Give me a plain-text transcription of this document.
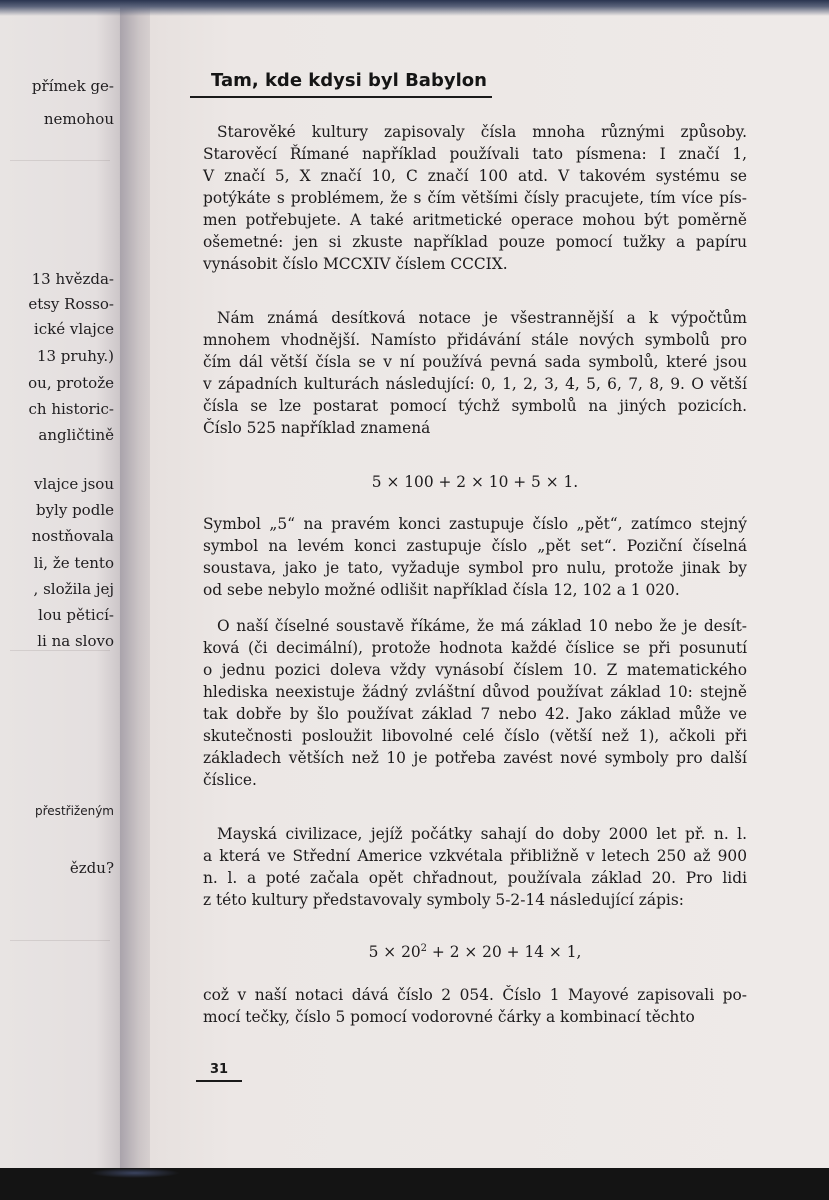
přímek ge-
nemohou
13 hvězda-
etsy Rosso-
ické vlajce
13 pruhy.)
ou, protože
ch historic-
angličtině
vlajce jsou
byly podle
nostňovala
li, že tento
, složila jej
lou pěticí-
li na slovo
přestřiženým
ězdu?
Tam, kde kdysi byl Babylon
Starověké kultury zapisovaly čísla mnoha různými způsoby.
Starověcí Římané například používali tato písmena: I značí 1,
V značí 5, X značí 10, C značí 100 atd. V takovém systému se
potýkáte s problémem, že s čím většími čísly pracujete, tím více pís-
men potřebujete. A také aritmetické operace mohou být poměrně
ošemetné: jen si zkuste například pouze pomocí tužky a papíru
vynásobit číslo MCCXIV číslem CCCIX.
Nám známá desítková notace je všestrannější a k výpočtům
mnohem vhodnější. Namísto přidávání stále nových symbolů pro
čím dál větší čísla se v ní používá pevná sada symbolů, které jsou
v západních kulturách následující: 0, 1, 2, 3, 4, 5, 6, 7, 8, 9. O větší
čísla se lze postarat pomocí týchž symbolů na jiných pozicích.
Číslo 525 například znamená
5 × 100 + 2 × 10 + 5 × 1.
Symbol „5“ na pravém konci zastupuje číslo „pět“, zatímco stejný
symbol na levém konci zastupuje číslo „pět set“. Poziční číselná
soustava, jako je tato, vyžaduje symbol pro nulu, protože jinak by
od sebe nebylo možné odlišit například čísla 12, 102 a 1 020.
O naší číselné soustavě říkáme, že má základ 10 nebo že je desít-
ková (či decimální), protože hodnota každé číslice se při posunutí
o jednu pozici doleva vždy vynásobí číslem 10. Z matematického
hlediska neexistuje žádný zvláštní důvod používat základ 10: stejně
tak dobře by šlo používat základ 7 nebo 42. Jako základ může ve
skutečnosti posloužit libovolné celé číslo (větší než 1), ačkoli při
základech větších než 10 je potřeba zavést nové symboly pro další
číslice.
Mayská civilizace, jejíž počátky sahají do doby 2000 let př. n. l.
a která ve Střední Americe vzkvétala přibližně v letech 250 až 900
n. l. a poté začala opět chřadnout, používala základ 20. Pro lidi
z této kultury představovaly symboly 5-2-14 následující zápis:
$5 \times 20^2 + 2 \times 20 + 14 \times 1$,
což v naší notaci dává číslo 2 054. Číslo 1 Mayové zapisovali po-
mocí tečky, číslo 5 pomocí vodorovné čárky a kombinací těchto
31
